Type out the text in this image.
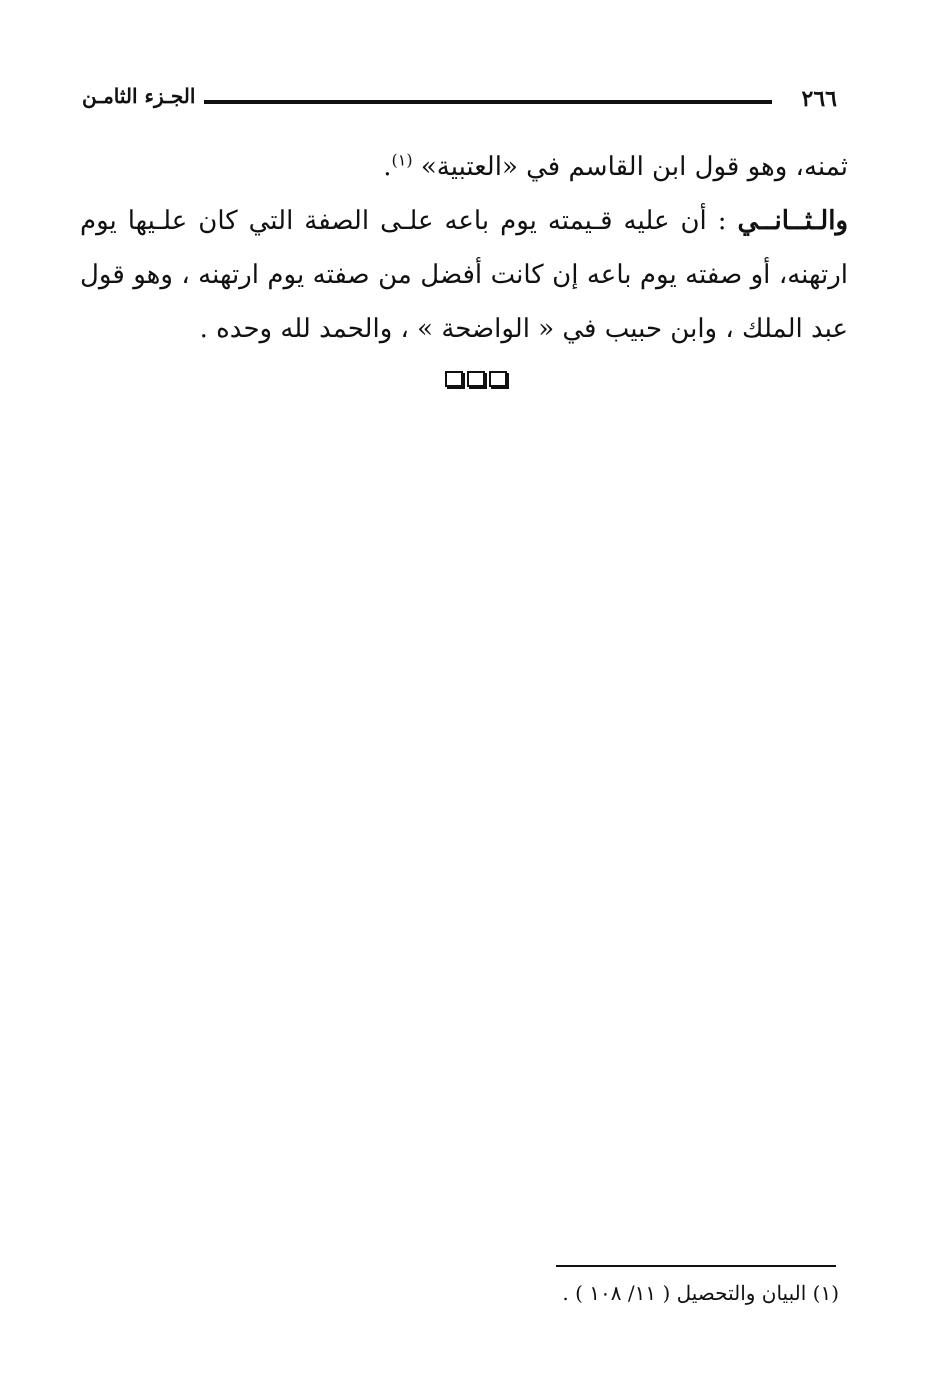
٢٦٦
الجـزء الثامـن

ثمنه، وهو قول ابن القاسم في «العتبية» $^{(١)}$.

والـثــانــي : أن عليه قـيمته يوم باعه علـى الصفة التي كان علـيها يوم ارتهنه، أو صفته يوم باعه إن كانت أفضل من صفته يوم ارتهنه ، وهو قول عبد الملك ، وابن حبيب في « الواضحة » ، والحمد لله وحده .

(١) البيان والتحصيل ( ١١/ ١٠٨ ) .
